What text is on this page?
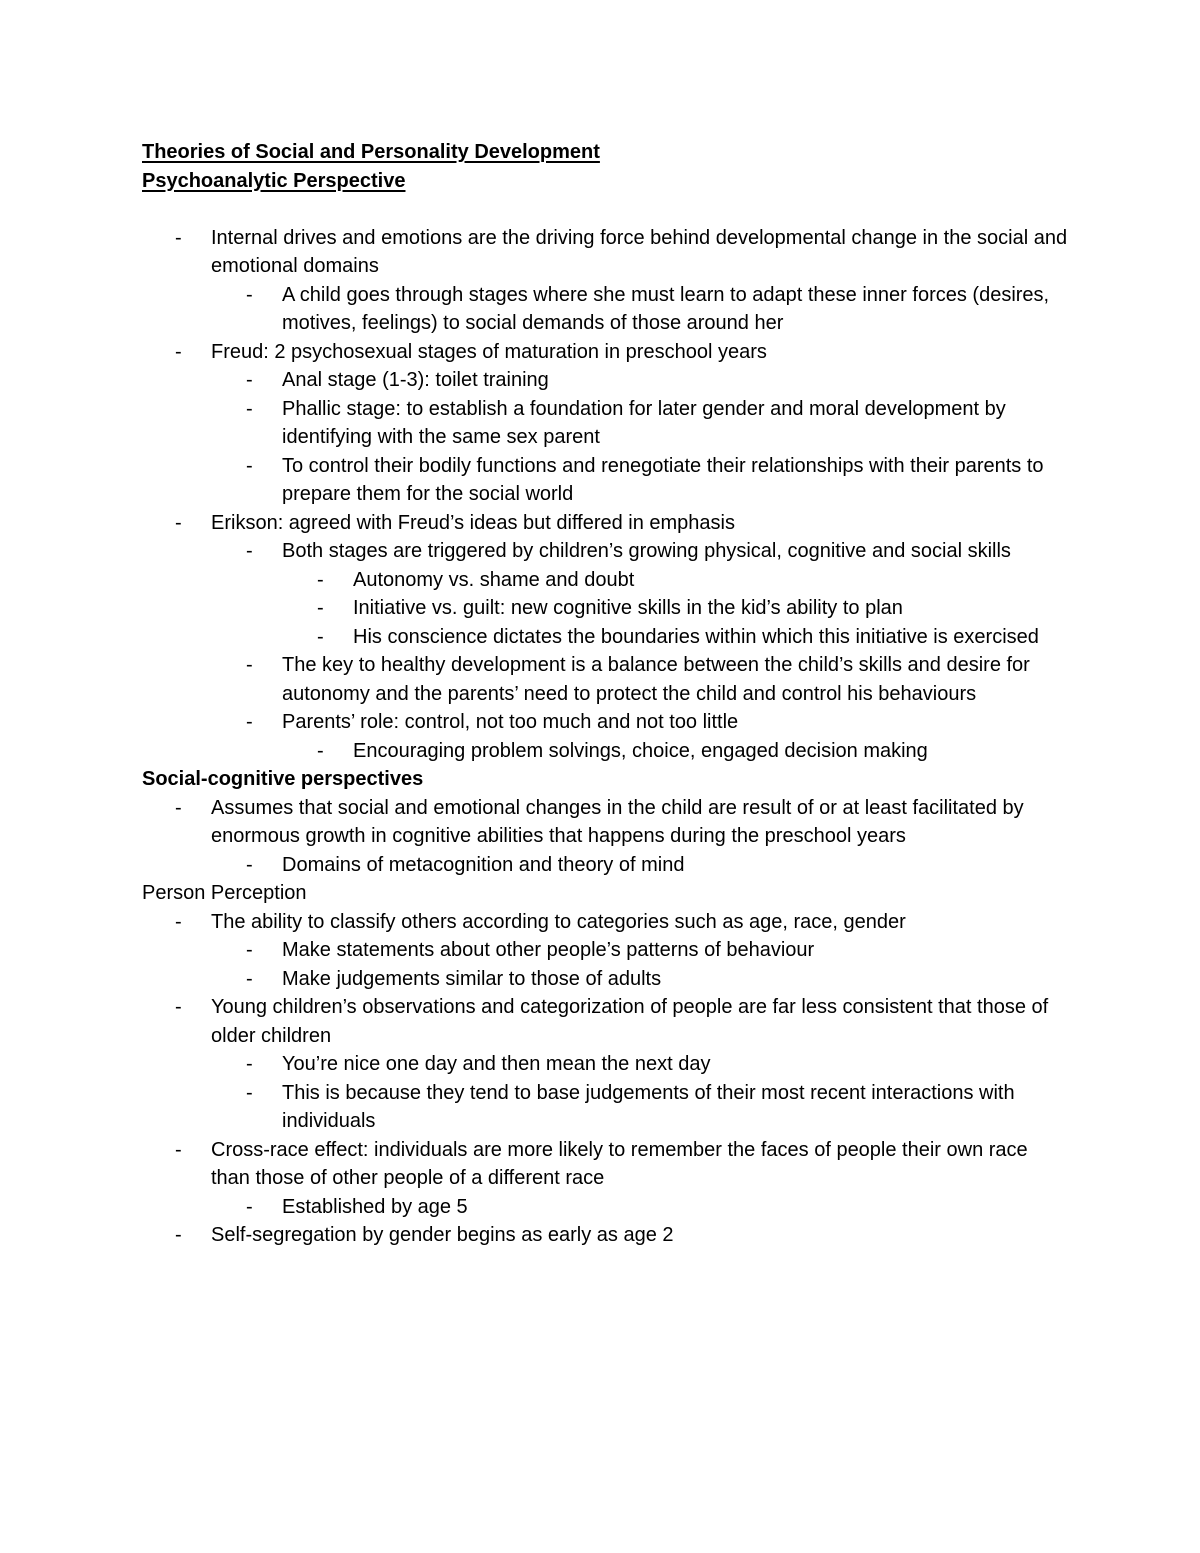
Theories of Social and Personality Development

Psychoanalytic Perspective

- Internal drives and emotions are the driving force behind developmental change in the social and emotional domains
- A child goes through stages where she must learn to adapt these inner forces (desires, motives, feelings) to social demands of those around her
- Freud: 2 psychosexual stages of maturation in preschool years
- Anal stage (1-3): toilet training
- Phallic stage: to establish a foundation for later gender and moral development by identifying with the same sex parent
- To control their bodily functions and renegotiate their relationships with their parents to prepare them for the social world
- Erikson: agreed with Freud’s ideas but differed in emphasis
- Both stages are triggered by children’s growing physical, cognitive and social skills
- Autonomy vs. shame and doubt
- Initiative vs. guilt: new cognitive skills in the kid’s ability to plan
- His conscience dictates the boundaries within which this initiative is exercised
- The key to healthy development is a balance between the child’s skills and desire for autonomy and the parents’ need to protect the child and control his behaviours
- Parents’ role: control, not too much and not too little
- Encouraging problem solvings, choice, engaged decision making

Social-cognitive perspectives

- Assumes that social and emotional changes in the child are result of or at least facilitated by enormous growth in cognitive abilities that happens during the preschool years
- Domains of metacognition and theory of mind

Person Perception

- The ability to classify others according to categories such as age, race, gender
- Make statements about other people’s patterns of behaviour
- Make judgements similar to those of adults
- Young children’s observations and categorization of people are far less consistent that those of older children
- You’re nice one day and then mean the next day
- This is because they tend to base judgements of their most recent interactions with individuals
- Cross-race effect: individuals are more likely to remember the faces of people their own race than those of other people of a different race
- Established by age 5
- Self-segregation by gender begins as early as age 2
